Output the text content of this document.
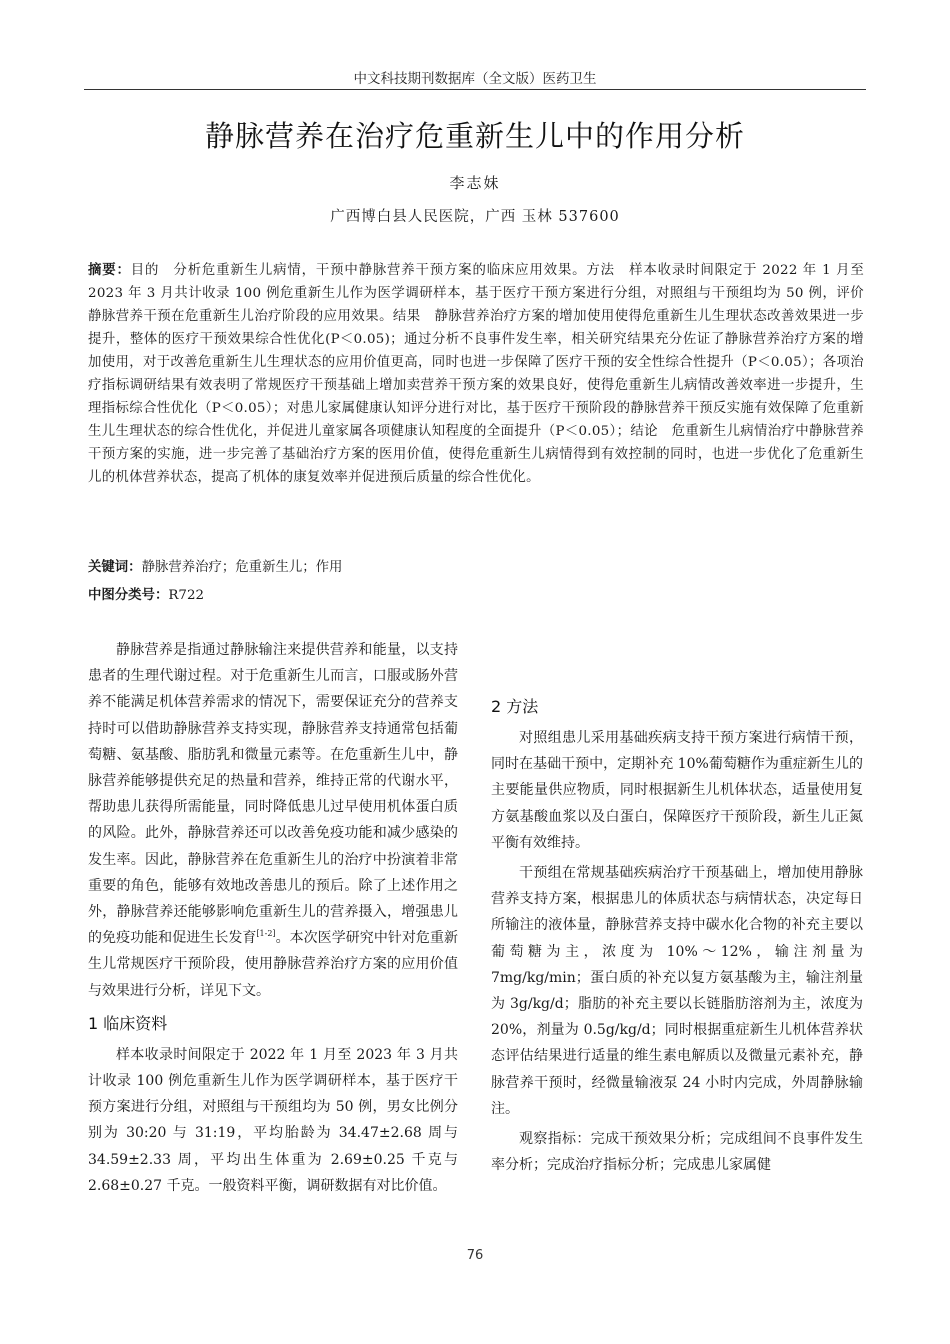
中文科技期刊数据库（全文版）医药卫生
静脉营养在治疗危重新生儿中的作用分析
李志妹
广西博白县人民医院，广西 玉林 537600
摘要：目的　分析危重新生儿病情，干预中静脉营养干预方案的临床应用效果。方法　样本收录时间限定于 2022 年 1 月至 2023 年 3 月共计收录 100 例危重新生儿作为医学调研样本，基于医疗干预方案进行分组，对照组与干预组均为 50 例，评价静脉营养干预在危重新生儿治疗阶段的应用效果。结果　静脉营养治疗方案的增加使用使得危重新生儿生理状态改善效果进一步提升，整体的医疗干预效果综合性优化(P＜0.05)；通过分析不良事件发生率，相关研究结果充分佐证了静脉营养治疗方案的增加使用，对于改善危重新生儿生理状态的应用价值更高，同时也进一步保障了医疗干预的安全性综合性提升（P＜0.05）；各项治疗指标调研结果有效表明了常规医疗干预基础上增加卖营养干预方案的效果良好，使得危重新生儿病情改善效率进一步提升，生理指标综合性优化（P＜0.05）；对患儿家属健康认知评分进行对比，基于医疗干预阶段的静脉营养干预反实施有效保障了危重新生儿生理状态的综合性优化，并促进儿童家属各项健康认知程度的全面提升（P＜0.05）；结论　危重新生儿病情治疗中静脉营养干预方案的实施，进一步完善了基础治疗方案的医用价值，使得危重新生儿病情得到有效控制的同时，也进一步优化了危重新生儿的机体营养状态，提高了机体的康复效率并促进预后质量的综合性优化。
关键词：静脉营养治疗；危重新生儿；作用
中图分类号：R722

静脉营养是指通过静脉输注来提供营养和能量，以支持患者的生理代谢过程。对于危重新生儿而言，口服或肠外营养不能满足机体营养需求的情况下，需要保证充分的营养支持时可以借助静脉营养支持实现，静脉营养支持通常包括葡萄糖、氨基酸、脂肪乳和微量元素等。在危重新生儿中，静脉营养能够提供充足的热量和营养，维持正常的代谢水平，帮助患儿获得所需能量，同时降低患儿过早使用机体蛋白质的风险。此外，静脉营养还可以改善免疫功能和减少感染的发生率。因此，静脉营养在危重新生儿的治疗中扮演着非常重要的角色，能够有效地改善患儿的预后。除了上述作用之外，静脉营养还能够影响危重新生儿的营养摄入，增强患儿的免疫功能和促进生长发育[1-2]。本次医学研究中针对危重新生儿常规医疗干预阶段，使用静脉营养治疗方案的应用价值与效果进行分析，详见下文。

1 临床资料

样本收录时间限定于 2022 年 1 月至 2023 年 3 月共计收录 100 例危重新生儿作为医学调研样本，基于医疗干预方案进行分组，对照组与干预组均为 50 例，男女比例分别为 30:20 与 31:19，平均胎龄为 34.47±2.68 周与 34.59±2.33 周，平均出生体重为 2.69±0.25 千克与 2.68±0.27 千克。一般资料平衡，调研数据有对比价值。

2 方法

对照组患儿采用基础疾病支持干预方案进行病情干预，同时在基础干预中，定期补充 10%葡萄糖作为重症新生儿的主要能量供应物质，同时根据新生儿机体状态，适量使用复方氨基酸血浆以及白蛋白，保障医疗干预阶段，新生儿正氮平衡有效维持。

干预组在常规基础疾病治疗干预基础上，增加使用静脉营养支持方案，根据患儿的体质状态与病情状态，决定每日所输注的液体量，静脉营养支持中碳水化合物的补充主要以葡萄糖为主，浓度为 10%～12%，输注剂量为 7mg/kg/min；蛋白质的补充以复方氨基酸为主，输注剂量为 3g/kg/d；脂肪的补充主要以长链脂肪溶剂为主，浓度为 20%，剂量为 0.5g/kg/d；同时根据重症新生儿机体营养状态评估结果进行适量的维生素电解质以及微量元素补充，静脉营养干预时，经微量输液泵 24 小时内完成，外周静脉输注。

观察指标：完成干预效果分析；完成组间不良事件发生率分析；完成治疗指标分析；完成患儿家属健

76
